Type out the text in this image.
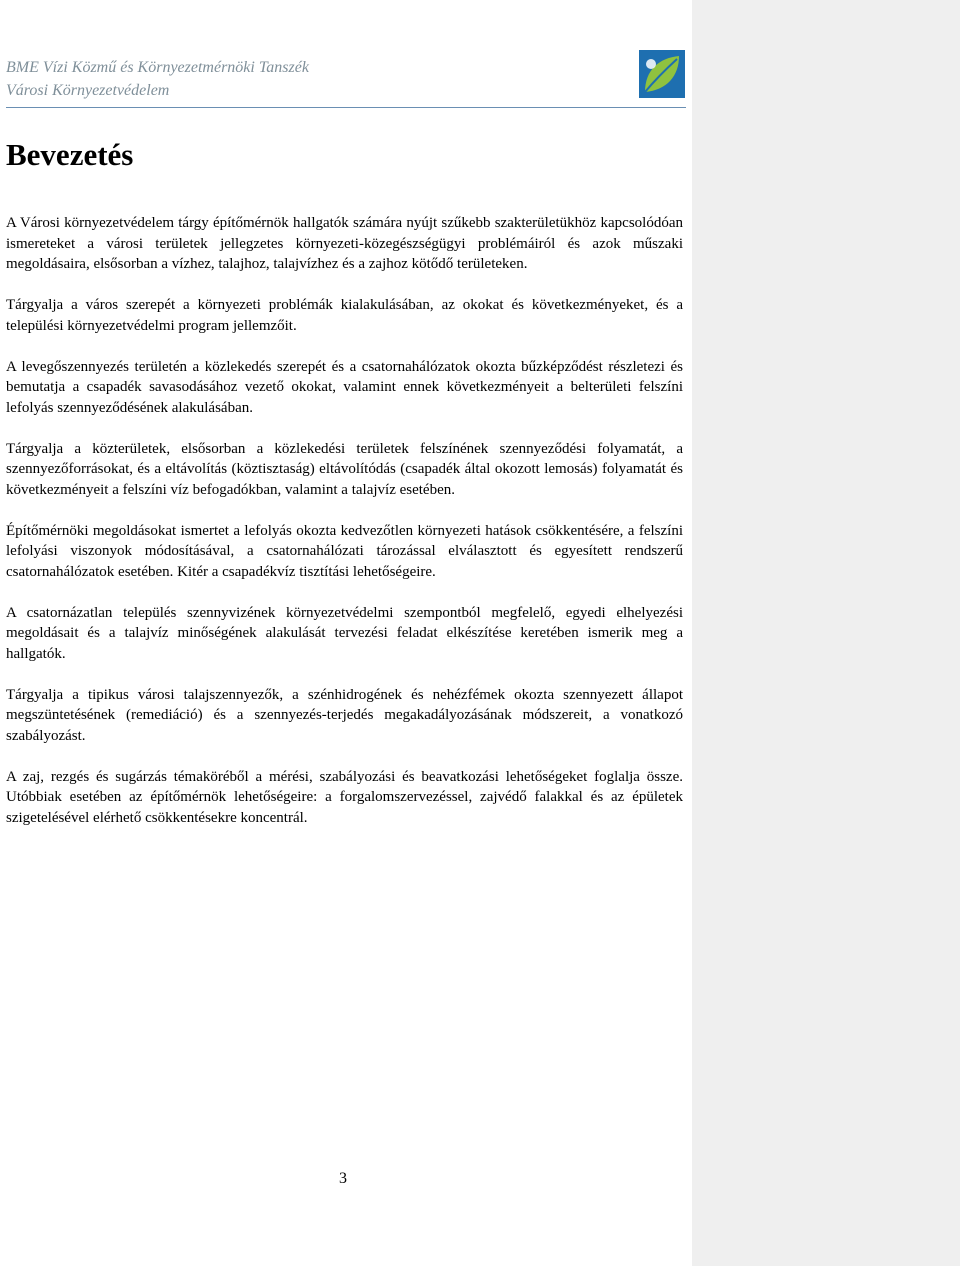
BME Vízi Közmű és Környezetmérnöki Tanszék
Városi Környezetvédelem
Bevezetés

A Városi környezetvédelem tárgy építőmérnök hallgatók számára nyújt szűkebb szakterületükhöz kapcsolódóan ismereteket a városi területek jellegzetes környezeti-közegészségügyi problémáiról és azok műszaki megoldásaira, elsősorban a vízhez, talajhoz, talajvízhez és a zajhoz kötődő területeken.

Tárgyalja a város szerepét a környezeti problémák kialakulásában, az okokat és következményeket, és a települési környezetvédelmi program jellemzőit.

A levegőszennyezés területén a közlekedés szerepét és a csatornahálózatok okozta bűzképződést részletezi és bemutatja a csapadék savasodásához vezető okokat, valamint ennek következményeit a belterületi felszíni lefolyás szennyeződésének alakulásában.

Tárgyalja a közterületek, elsősorban a közlekedési területek felszínének szennyeződési folyamatát, a szennyezőforrásokat, és a eltávolítás (köztisztaság) eltávolítódás (csapadék által okozott lemosás) folyamatát és következményeit a felszíni víz befogadókban, valamint a talajvíz esetében.

Építőmérnöki megoldásokat ismertet a lefolyás okozta kedvezőtlen környezeti hatások csökkentésére, a felszíni lefolyási viszonyok módosításával, a csatornahálózati tározással elválasztott és egyesített rendszerű csatornahálózatok esetében. Kitér a csapadékvíz tisztítási lehetőségeire.

A csatornázatlan település szennyvizének környezetvédelmi szempontból megfelelő, egyedi elhelyezési megoldásait és a talajvíz minőségének alakulását tervezési feladat elkészítése keretében ismerik meg a hallgatók.

Tárgyalja a tipikus városi talajszennyezők, a szénhidrogének és nehézfémek okozta szennyezett állapot megszüntetésének (remediáció) és a szennyezés-terjedés megakadályozásának módszereit, a vonatkozó szabályozást.

A zaj, rezgés és sugárzás témaköréből a mérési, szabályozási és beavatkozási lehetőségeket foglalja össze. Utóbbiak esetében az építőmérnök lehetőségeire: a forgalomszervezéssel, zajvédő falakkal és az épületek szigetelésével elérhető csökkentésekre koncentrál.

3
